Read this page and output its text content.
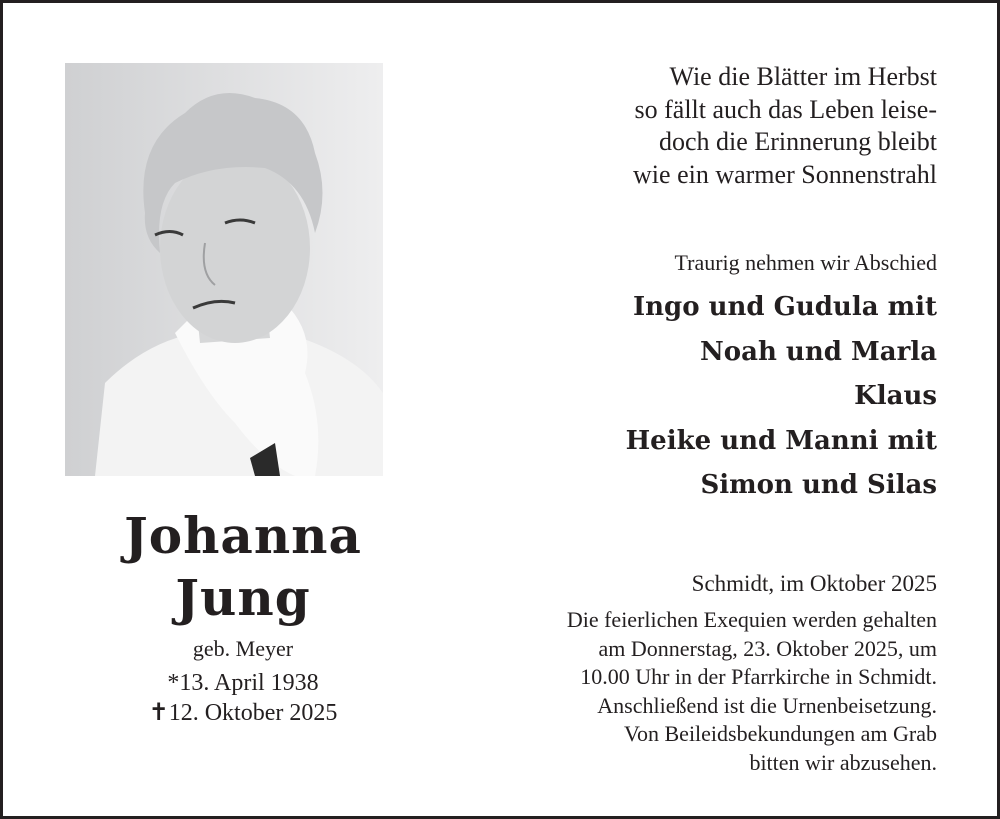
Johanna
Jung
geb. Meyer
*13. April 1938
✝12. Oktober 2025
Wie die Blätter im Herbst
so fällt auch das Leben leise-
doch die Erinnerung bleibt
wie ein warmer Sonnenstrahl
Traurig nehmen wir Abschied
Ingo und Gudula mit
Noah und Marla
Klaus
Heike und Manni mit
Simon und Silas
Schmidt, im Oktober 2025
Die feierlichen Exequien werden gehalten
am Donnerstag, 23. Oktober 2025, um
10.00 Uhr in der Pfarrkirche in Schmidt.
Anschließend ist die Urnenbeisetzung.
Von Beileidsbekundungen am Grab
bitten wir abzusehen.
